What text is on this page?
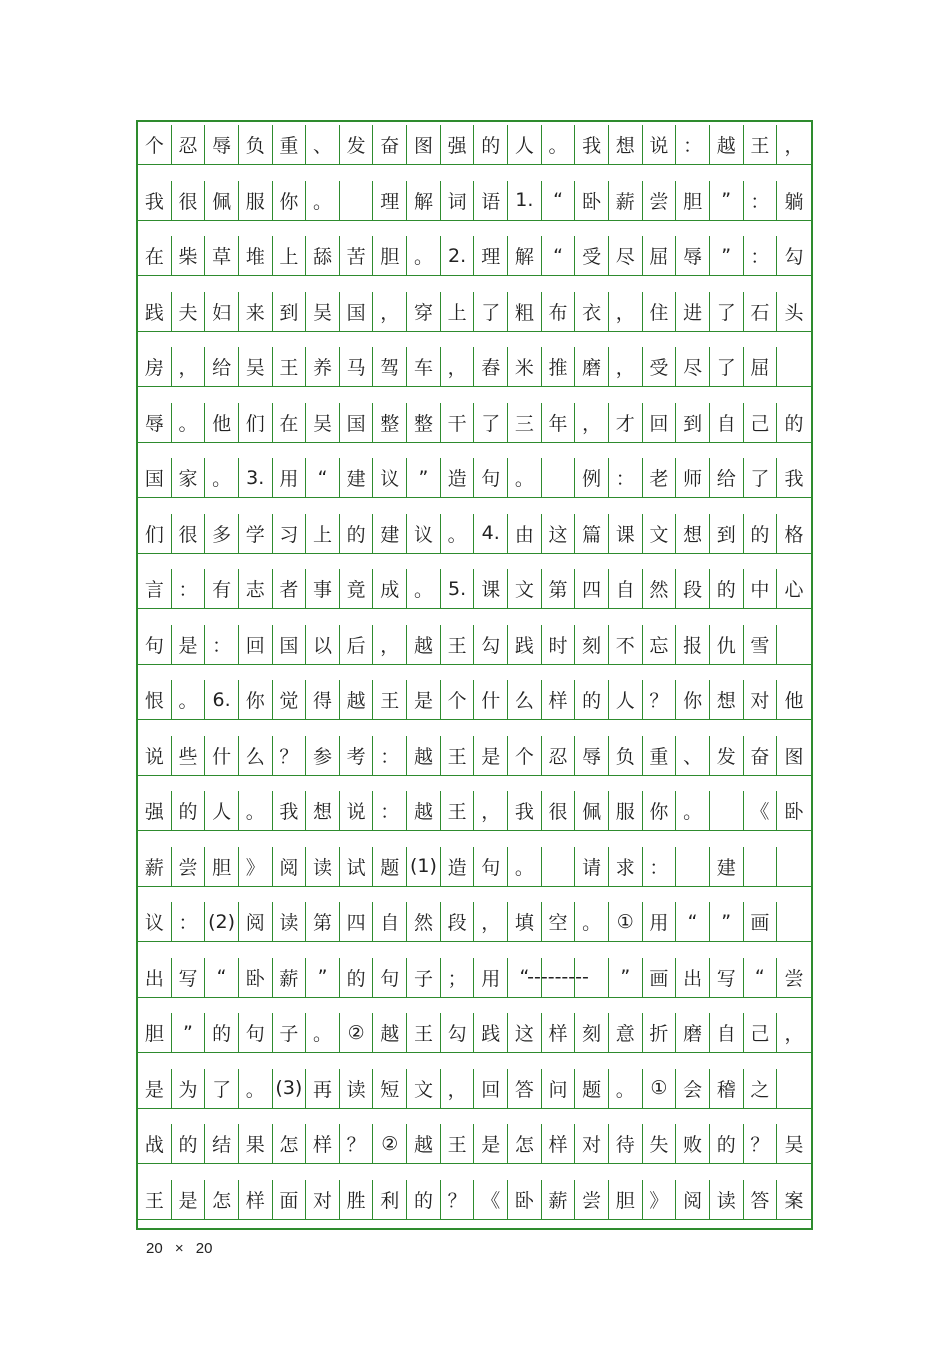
个 忍 辱 负 重 、 发 奋 图 强 的 人 。 我 想 说 ： 越 王 ，
我 很 佩 服 你 。	理 解 词 语 1.	“	卧 薪 尝 胆	”	： 躺
在 柴 草 堆 上 舔 苦 胆 。 2. 理 解	“	受 尽 屈 辱	”	： 勾
践 夫 妇 来 到 吴 国 ， 穿 上 了 粗 布 衣 ， 住 进 了 石 头
房 ， 给 吴 王 养 马 驾 车 ， 舂 米 推 磨 ， 受 尽 了 屈
辱 。 他 们 在 吴 国 整 整 干 了 三 年 ， 才 回 到 自 己 的
国 家 。 3. 用	“	建 议	”	造 句 。	例 ： 老 师 给 了 我
们 很 多 学 习 上 的 建 议 。 4. 由 这 篇 课 文 想 到 的 格
言 ： 有 志 者 事 竟 成 。 5. 课 文 第 四 自 然 段 的 中 心
句 是 ： 回 国 以 后 ， 越 王 勾 践 时 刻 不 忘 报 仇 雪
恨 。 6. 你 觉 得 越 王 是 个 什 么 样 的 人 ？ 你 想 对 他
说 些 什 么 ？ 参 考 ： 越 王 是 个 忍 辱 负 重 、 发 奋 图
强 的 人 。 我 想 说 ： 越 王 ， 我 很 佩 服 你 。	《 卧
薪 尝 胆 》 阅 读 试 题 (1) 造 句 。	请 求 ：	建
议 ： (2) 阅 读 第 四 自 然 段 ， 填 空 。 ① 用	“	”	画
出 写	“	卧 薪	”	的 句 子 ； 用	“
---------	”	画 出 写	“	尝
胆	”	的 句 子 。 ② 越 王 勾 践 这 样 刻 意 折 磨 自 己 ，
是 为 了 。 (3) 再 读 短 文 ， 回 答 问 题 。 ① 会 稽 之
战 的 结 果 怎 样 ？ ② 越 王 是 怎 样 对 待 失 败 的 ？ 吴
王 是 怎 样 面 对 胜 利 的 ？ 《 卧 薪 尝 胆 》 阅 读 答 案
20 × 20
